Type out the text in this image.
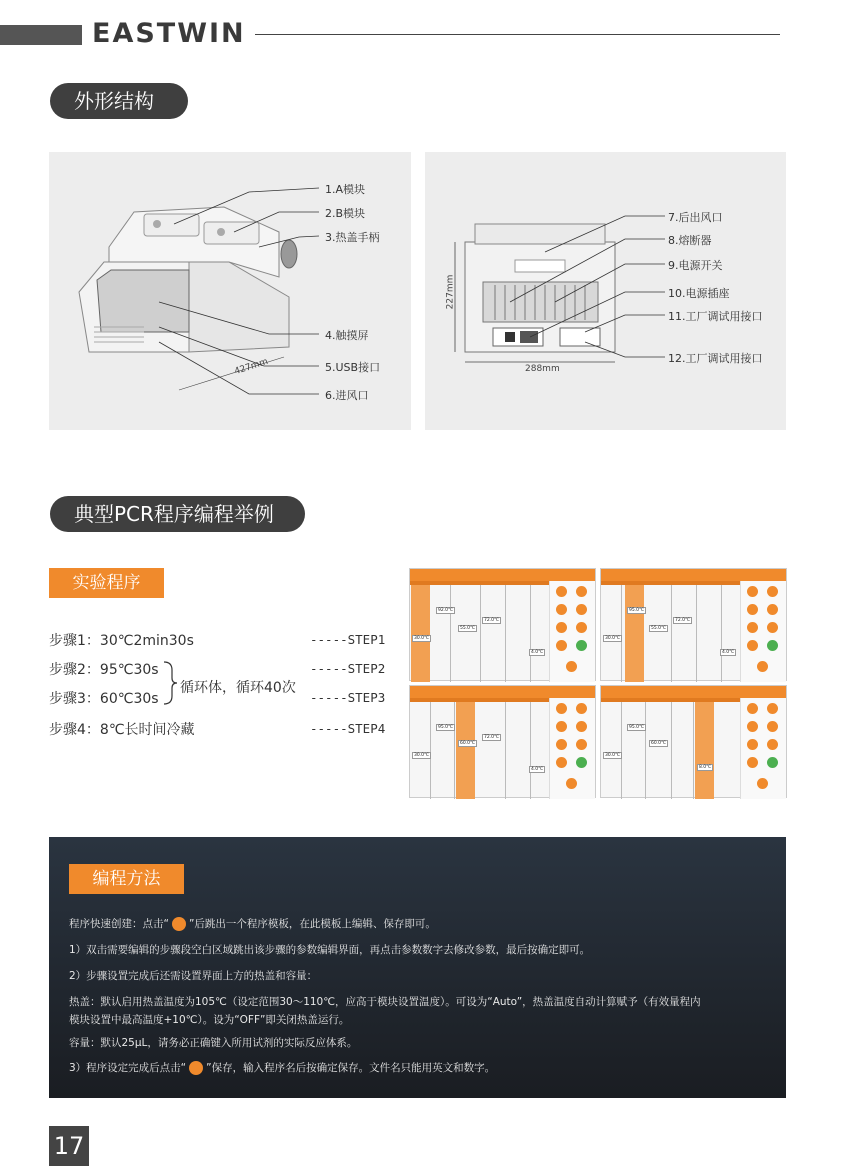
EASTWIN
外形结构
1.A模块
2.B模块
3.热盖手柄
4.触摸屏
5.USB接口
6.进风口
427mm
7.后出风口
8.熔断器
9.电源开关
10.电源插座
11.工厂调试用接口
12.工厂调试用接口
227mm
288mm
典型PCR程序编程举例
实验程序
步骤1：30℃2min30s
步骤2：95℃30s
步骤3：60℃30s
步骤4：8℃长时间冷藏
循环体，循环40次
-----STEP1
-----STEP2
-----STEP3
-----STEP4
30.0℃
92.0℃
55.0℃
72.0℃
4.0℃
30.0℃
95.0℃
55.0℃
72.0℃
4.0℃
30.0℃
95.0℃
60.0℃
72.0℃
4.0℃
30.0℃
95.0℃
60.0℃
8.0℃
编程方法
程序快速创建：点击“ ”后跳出一个程序模板，在此模板上编辑、保存即可。
1）双击需要编辑的步骤段空白区域跳出该步骤的参数编辑界面，再点击参数数字去修改参数，最后按确定即可。
2）步骤设置完成后还需设置界面上方的热盖和容量：
热盖：默认启用热盖温度为105℃（设定范围30～110℃，应高于模块设置温度）。可设为“Auto”，热盖温度自动计算赋予（有效量程内
模块设置中最高温度+10℃）。设为“OFF”即关闭热盖运行。
容量：默认25μL，请务必正确键入所用试剂的实际反应体系。
3）程序设定完成后点击“ ”保存，输入程序名后按确定保存。文件名只能用英文和数字。
17
